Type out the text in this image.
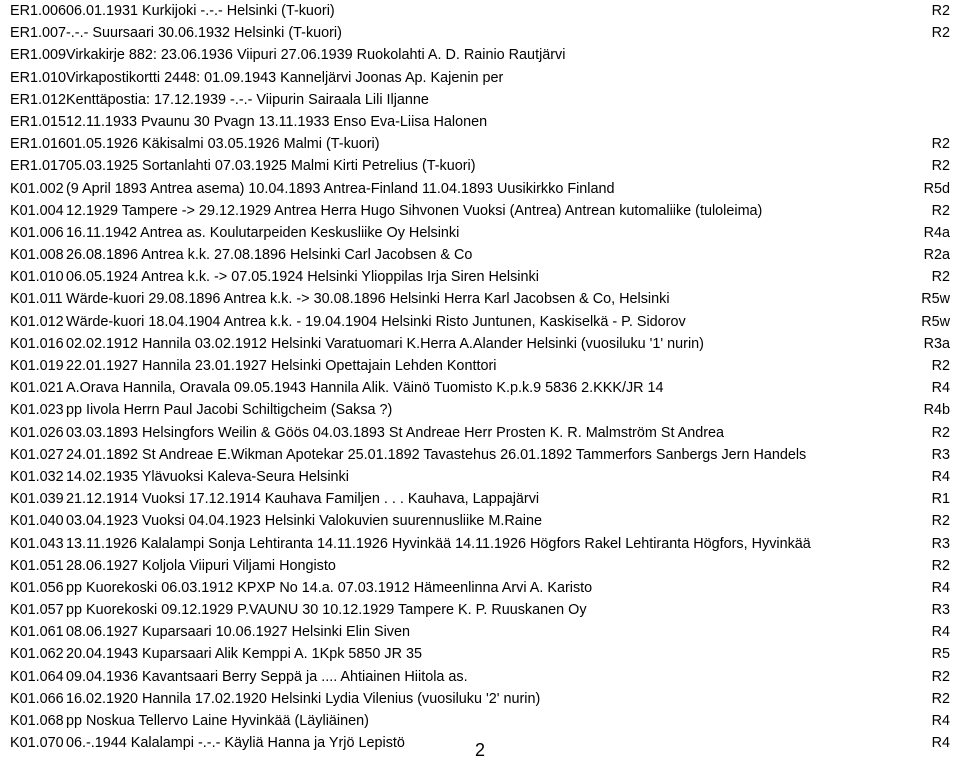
ER1.006 06.01.1931 Kurkijoki -.-.- Helsinki (T-kuori)	R2
ER1.007 -.-.- Suursaari 30.06.1932 Helsinki (T-kuori)	R2
ER1.009 Virkakirje 882: 23.06.1936 Viipuri 27.06.1939 Ruokolahti A. D. Rainio Rautjärvi
ER1.010 Virkapostikortti 2448: 01.09.1943 Kanneljärvi Joonas Ap. Kajenin per
ER1.012 Kenttäpostia: 17.12.1939 -.-.- Viipurin Sairaala Lili Iljanne
ER1.015 12.11.1933 Pvaunu 30 Pvagn 13.11.1933 Enso Eva-Liisa Halonen
ER1.016 01.05.1926 Käkisalmi 03.05.1926 Malmi (T-kuori)	R2
ER1.017 05.03.1925 Sortanlahti 07.03.1925 Malmi Kirti Petrelius (T-kuori)	R2
K01.002 (9 April 1893 Antrea asema) 10.04.1893 Antrea-Finland 11.04.1893 Uusikirkko Finland	R5d
K01.004 12.1929 Tampere -> 29.12.1929 Antrea Herra Hugo Sihvonen Vuoksi (Antrea) Antrean kutomaliike (tuloleima)	R2
K01.006 16.11.1942 Antrea as. Koulutarpeiden Keskusliike Oy Helsinki	R4a
K01.008 26.08.1896 Antrea k.k. 27.08.1896 Helsinki Carl Jacobsen & Co	R2a
K01.010 06.05.1924 Antrea k.k. -> 07.05.1924 Helsinki Ylioppilas Irja Siren Helsinki	R2
K01.011 Wärde-kuori 29.08.1896 Antrea k.k. -> 30.08.1896 Helsinki Herra Karl Jacobsen & Co, Helsinki	R5w
K01.012 Wärde-kuori 18.04.1904 Antrea k.k. - 19.04.1904 Helsinki Risto Juntunen, Kaskiselkä - P. Sidorov	R5w
K01.016 02.02.1912 Hannila 03.02.1912 Helsinki Varatuomari K.Herra A.Alander Helsinki (vuosiluku '1' nurin)	R3a
K01.019 22.01.1927 Hannila 23.01.1927 Helsinki Opettajain Lehden Konttori	R2
K01.021 A.Orava Hannila, Oravala 09.05.1943 Hannila Alik. Väinö Tuomisto K.p.k.9 5836 2.KKK/JR 14	R4
K01.023 pp Iivola Herrn Paul Jacobi Schiltigcheim (Saksa ?)	R4b
K01.026 03.03.1893 Helsingfors Weilin & Göös 04.03.1893 St Andreae Herr Prosten K. R. Malmström St Andrea	R2
K01.027 24.01.1892 St Andreae E.Wikman Apotekar 25.01.1892 Tavastehus 26.01.1892 Tammerfors Sanbergs Jern Handels	R3
K01.032 14.02.1935 Ylävuoksi Kaleva-Seura Helsinki	R4
K01.039 21.12.1914 Vuoksi 17.12.1914 Kauhava Familjen . . . Kauhava, Lappajärvi	R1
K01.040 03.04.1923 Vuoksi 04.04.1923 Helsinki Valokuvien suurennusliike M.Raine	R2
K01.043 13.11.1926 Kalalampi Sonja Lehtiranta 14.11.1926 Hyvinkää 14.11.1926 Högfors Rakel Lehtiranta Högfors, Hyvinkää	R3
K01.051 28.06.1927 Koljola Viipuri Viljami Hongisto	R2
K01.056 pp Kuorekoski 06.03.1912 KPXP No 14.a. 07.03.1912 Hämeenlinna Arvi A. Karisto	R4
K01.057 pp Kuorekoski 09.12.1929 P.VAUNU 30 10.12.1929 Tampere K. P. Ruuskanen Oy	R3
K01.061 08.06.1927 Kuparsaari 10.06.1927 Helsinki Elin Siven	R4
K01.062 20.04.1943 Kuparsaari Alik Kemppi A. 1Kpk 5850 JR 35	R5
K01.064 09.04.1936 Kavantsaari Berry Seppä ja .... Ahtiainen Hiitola as.	R2
K01.066 16.02.1920 Hannila 17.02.1920 Helsinki Lydia Vilenius (vuosiluku '2' nurin)	R2
K01.068 pp Noskua Tellervo Laine Hyvinkää (Läyliäinen)	R4
K01.070 06.-.1944 Kalalampi -.-.- Käyliä Hanna ja Yrjö Lepistö	R4
2
